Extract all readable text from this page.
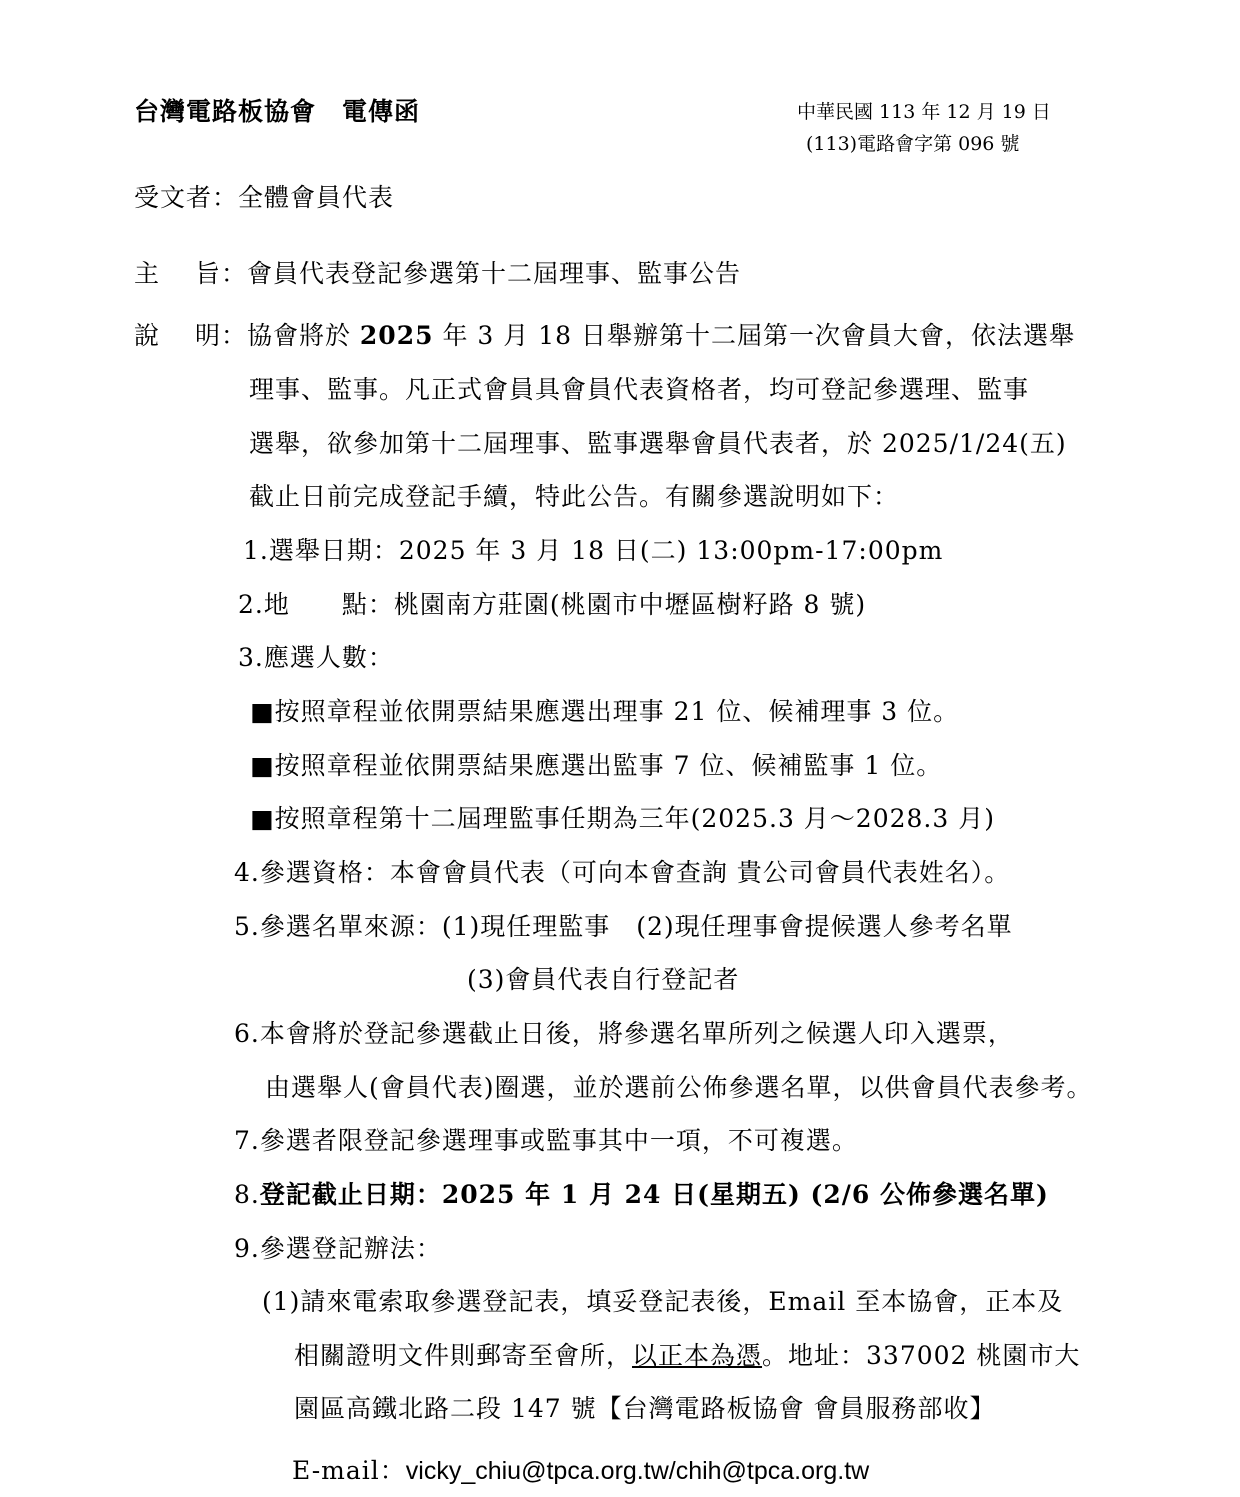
台灣電路板協會　電傳函	中華民國 113 年 12 月 19 日
(113)電路會字第 096 號
受文者：全體會員代表
主　 旨：會員代表登記參選第十二屆理事、監事公告
說　 明：協會將於 2025 年 3 月 18 日舉辦第十二屆第一次會員大會，依法選舉
理事、監事。凡正式會員具會員代表資格者，均可登記參選理、監事
選舉，欲參加第十二屆理事、監事選舉會員代表者，於 2025/1/24(五)
截止日前完成登記手續，特此公告。有關參選說明如下：
1.選舉日期：2025 年 3 月 18 日(二) 13:00pm-17:00pm
2.地　　點：桃園南方莊園(桃園市中壢區樹籽路 8 號)
3.應選人數：
■按照章程並依開票結果應選出理事 21 位、候補理事 3 位。
■按照章程並依開票結果應選出監事 7 位、候補監事 1 位。
■按照章程第十二屆理監事任期為三年(2025.3 月～2028.3 月)
4.參選資格：本會會員代表（可向本會查詢 貴公司會員代表姓名）。
5.參選名單來源：(1)現任理監事　(2)現任理事會提候選人參考名單
(3)會員代表自行登記者
6.本會將於登記參選截止日後，將參選名單所列之候選人印入選票，
由選舉人(會員代表)圈選，並於選前公佈參選名單，以供會員代表參考。
7.參選者限登記參選理事或監事其中一項，不可複選。
8.登記截止日期：2025 年 1 月 24 日(星期五) (2/6 公佈參選名單)
9.參選登記辦法：
(1)請來電索取參選登記表，填妥登記表後，Email 至本協會，正本及
相關證明文件則郵寄至會所，以正本為憑。地址：337002 桃園市大
園區高鐵北路二段 147 號【台灣電路板協會 會員服務部收】
E-mail：vicky_chiu@tpca.org.tw/chih@tpca.org.tw
